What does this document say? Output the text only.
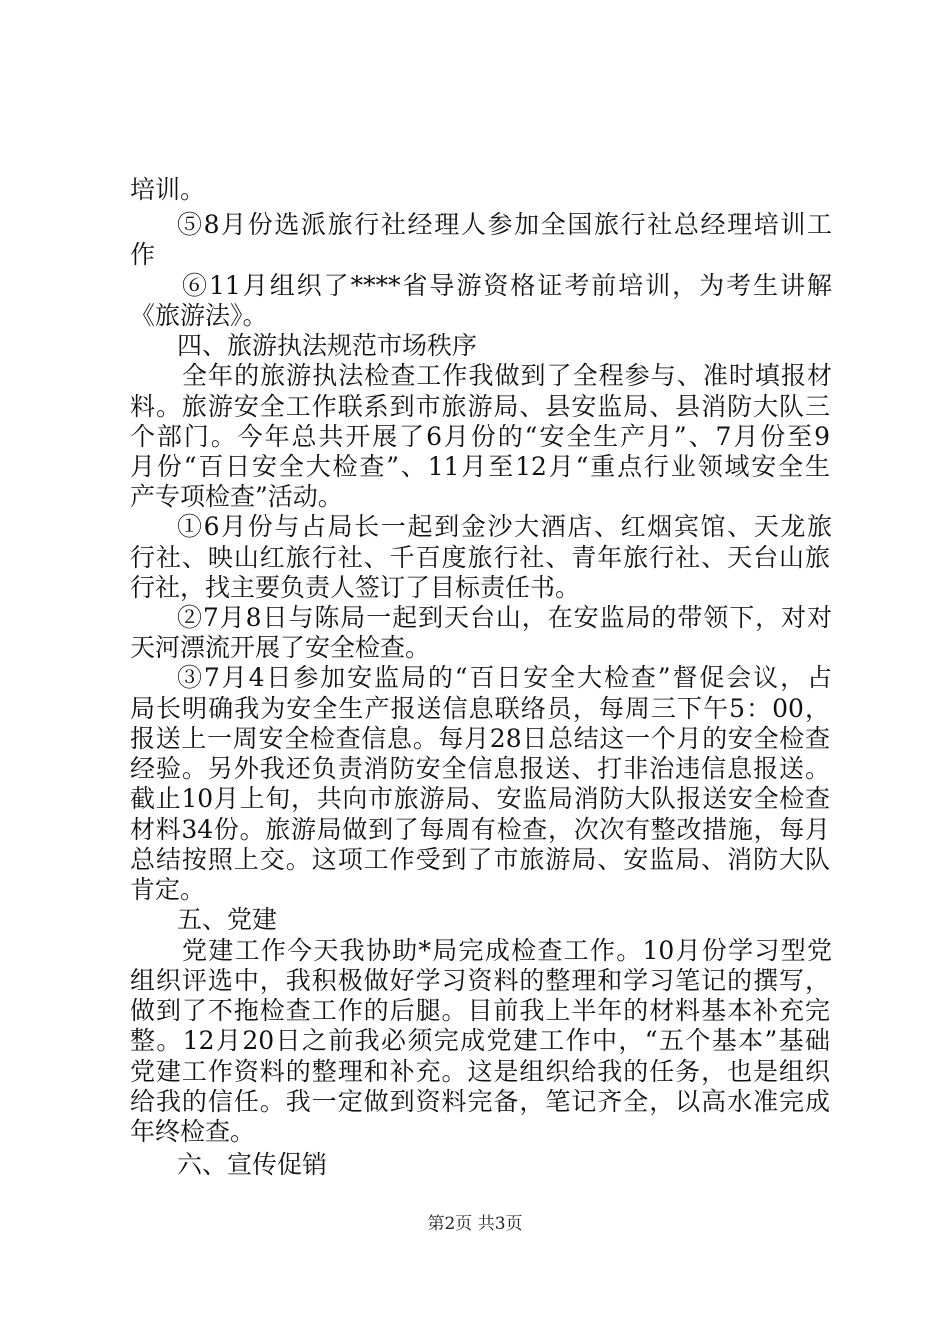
培训。
⑤8月份选派旅行社经理人参加全国旅行社总经理培训工
作
⑥11月组织了****省导游资格证考前培训，为考生讲解
《旅游法》。
四、旅游执法规范市场秩序
全年的旅游执法检查工作我做到了全程参与、准时填报材
料。旅游安全工作联系到市旅游局、县安监局、县消防大队三
个部门。今年总共开展了6月份的“安全生产月”、7月份至9
月份“百日安全大检查”、11月至12月“重点行业领域安全生
产专项检查”活动。
①6月份与占局长一起到金沙大酒店、红烟宾馆、天龙旅
行社、映山红旅行社、千百度旅行社、青年旅行社、天台山旅
行社，找主要负责人签订了目标责任书。
②7月8日与陈局一起到天台山，在安监局的带领下，对对
天河漂流开展了安全检查。
③7月4日参加安监局的“百日安全大检查”督促会议，占
局长明确我为安全生产报送信息联络员，每周三下午5：00，
报送上一周安全检查信息。每月28日总结这一个月的安全检查
经验。另外我还负责消防安全信息报送、打非治违信息报送。
截止10月上旬，共向市旅游局、安监局消防大队报送安全检查
材料34份。旅游局做到了每周有检查，次次有整改措施，每月
总结按照上交。这项工作受到了市旅游局、安监局、消防大队
肯定。
五、党建
党建工作今天我协助*局完成检查工作。10月份学习型党
组织评选中，我积极做好学习资料的整理和学习笔记的撰写，
做到了不拖检查工作的后腿。目前我上半年的材料基本补充完
整。12月20日之前我必须完成党建工作中，“五个基本”基础
党建工作资料的整理和补充。这是组织给我的任务，也是组织
给我的信任。我一定做到资料完备，笔记齐全，以高水准完成
年终检查。
六、宣传促销
第2页 共3页
